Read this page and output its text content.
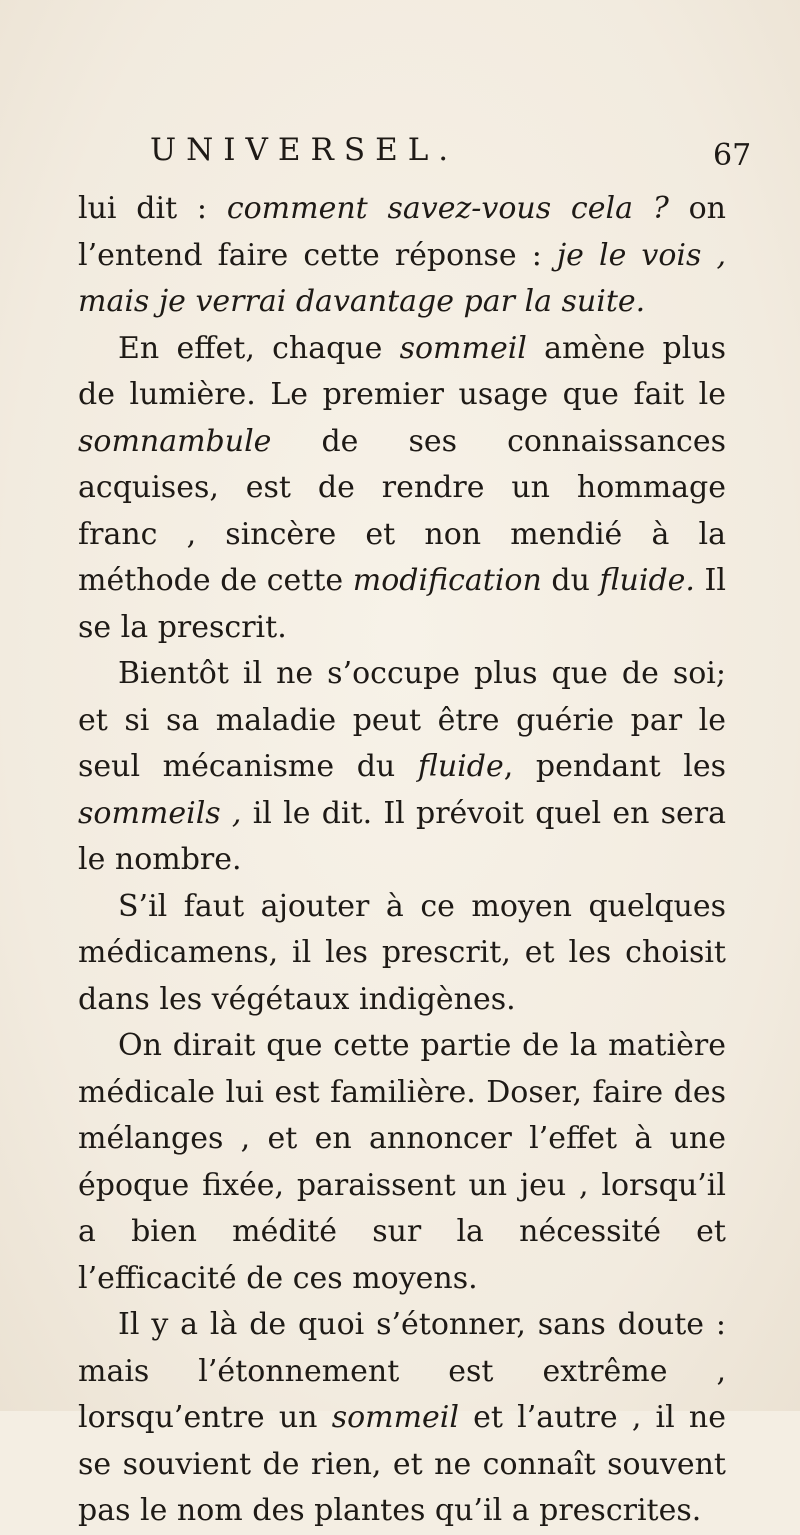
UNIVERSEL.	67

lui dit : comment savez-vous cela ? on l’entend faire cette réponse : je le vois , mais je verrai davantage par la suite.

En effet, chaque sommeil amène plus de lumière. Le premier usage que fait le somnambule de ses connaissances acquises, est de rendre un hommage franc , sincère et non mendié à la méthode de cette modification du fluide. Il se la prescrit.

Bientôt il ne s’occupe plus que de soi; et si sa maladie peut être guérie par le seul mécanisme du fluide, pendant les sommeils , il le dit. Il prévoit quel en sera le nombre.

S’il faut ajouter à ce moyen quelques médicamens, il les prescrit, et les choisit dans les végétaux indigènes.

On dirait que cette partie de la matière médicale lui est familière. Doser, faire des mélanges , et en annoncer l’effet à une époque fixée, paraissent un jeu , lorsqu’il a bien médité sur la nécessité et l’efficacité de ces moyens.

Il y a là de quoi s’étonner, sans doute : mais l’étonnement est extrême , lorsqu’entre un sommeil et l’autre , il ne se souvient de rien, et ne connaît souvent pas le nom des plantes qu’il a prescrites.
